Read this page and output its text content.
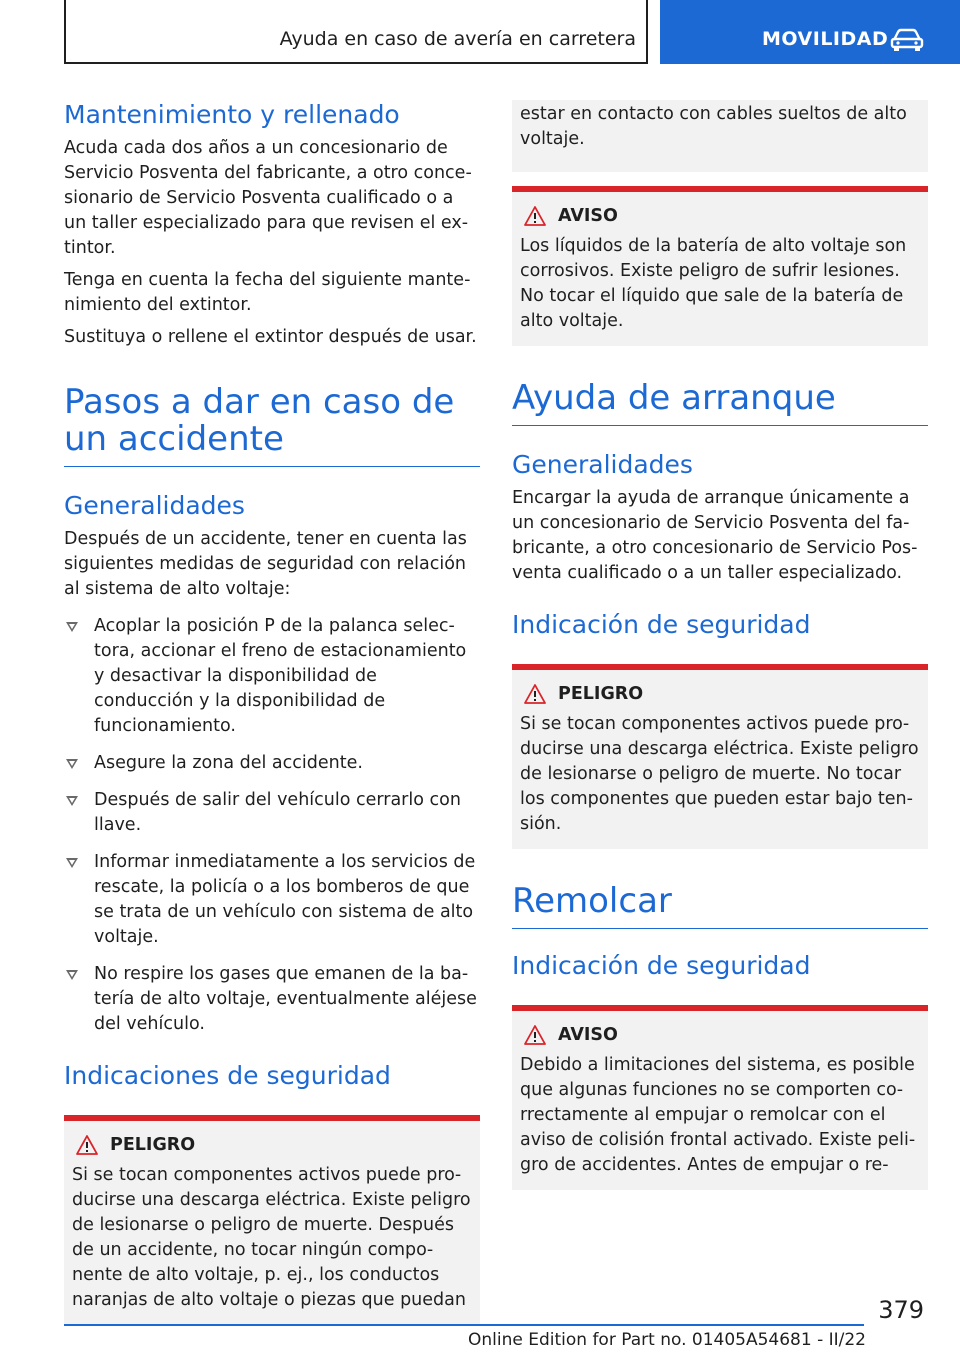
Ayuda en caso de avería en carretera	MOVILIDAD
Mantenimiento y rellenado

Acuda cada dos años a un concesionario de Servicio Posventa del fabricante, a otro concesionario de Servicio Posventa cualificado o a un taller especializado para que revisen el extintor.

Tenga en cuenta la fecha del siguiente mantenimiento del extintor.

Sustituya o rellene el extintor después de usar.

Pasos a dar en caso de un accidente
Generalidades

Después de un accidente, tener en cuenta las siguientes medidas de seguridad con relación al sistema de alto voltaje:

Acoplar la posición P de la palanca selectora, accionar el freno de estacionamiento y desactivar la disponibilidad de conducción y la disponibilidad de funcionamiento.
Asegure la zona del accidente.
Después de salir del vehículo cerrarlo con llave.
Informar inmediatamente a los servicios de rescate, la policía o a los bomberos de que se trata de un vehículo con sistema de alto voltaje.
No respire los gases que emanen de la batería de alto voltaje, eventualmente aléjese del vehículo.
Indicaciones de seguridad
PELIGRO

Si se tocan componentes activos puede producirse una descarga eléctrica. Existe peligro de lesionarse o peligro de muerte. Después de un accidente, no tocar ningún componente de alto voltaje, p. ej., los conductos naranjas de alto voltaje o piezas que puedan

estar en contacto con cables sueltos de alto voltaje.

AVISO

Los líquidos de la batería de alto voltaje son corrosivos. Existe peligro de sufrir lesiones. No tocar el líquido que sale de la batería de alto voltaje.

Ayuda de arranque
Generalidades

Encargar la ayuda de arranque únicamente a un concesionario de Servicio Posventa del fabricante, a otro concesionario de Servicio Posventa cualificado o a un taller especializado.

Indicación de seguridad
PELIGRO

Si se tocan componentes activos puede producirse una descarga eléctrica. Existe peligro de lesionarse o peligro de muerte. No tocar los componentes que pueden estar bajo tensión.

Remolcar
Indicación de seguridad
AVISO

Debido a limitaciones del sistema, es posible que algunas funciones no se comporten correctamente al empujar o remolcar con el aviso de colisión frontal activado. Existe peligro de accidentes. Antes de empujar o re-

379
Online Edition for Part no. 01405A54681 - II/22
